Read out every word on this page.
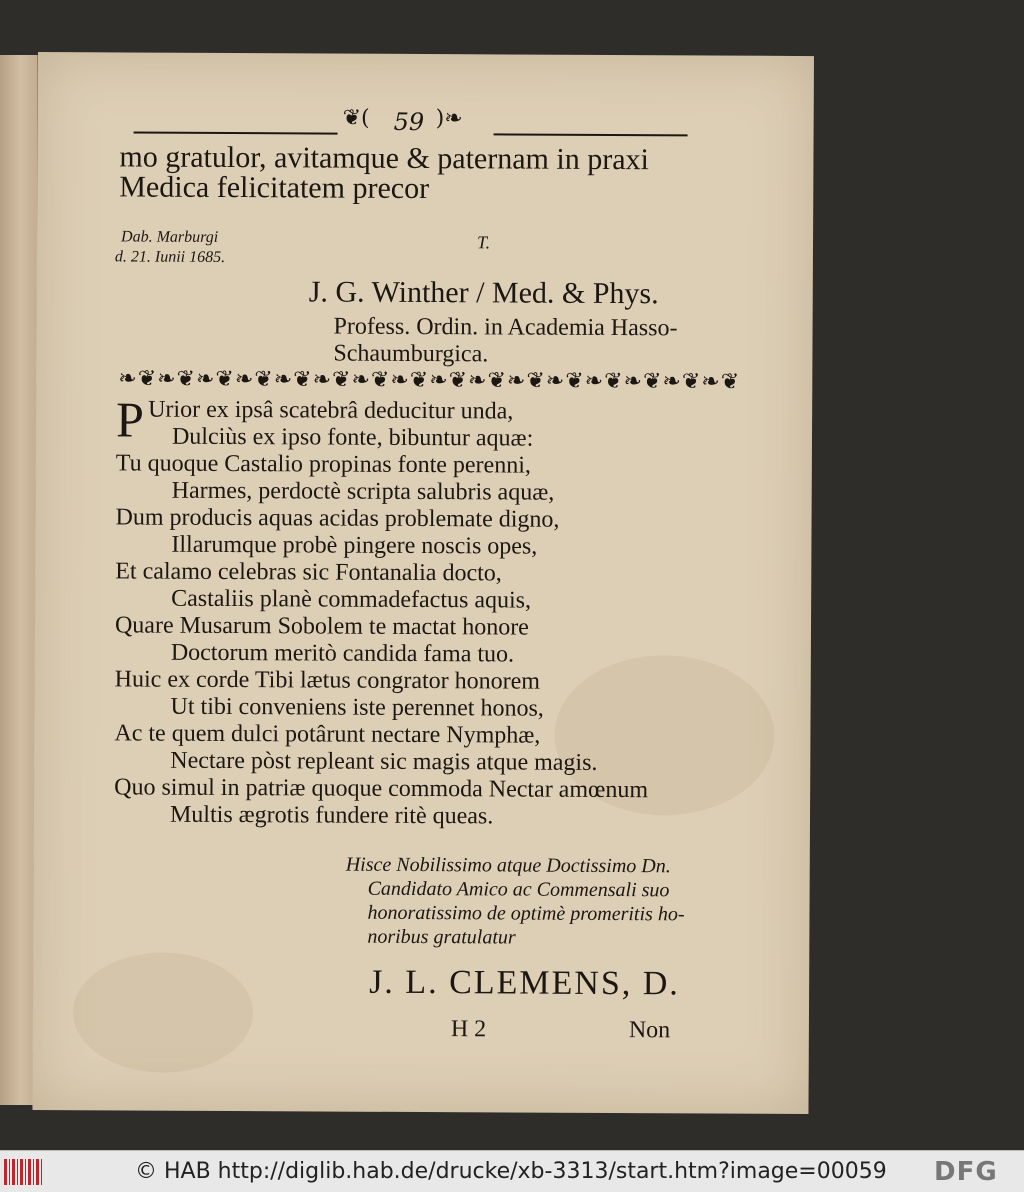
❦( 59 )❧

mo gratulor, avitamque & paternam in praxi

Medica felicitatem precor

Dab. Marburgi

d. 21. Iunii 1685.

T.

J. G. Winther / Med. & Phys.

Profess. Ordin. in Academia Hasso-

Schaumburgica.

❧❦❧❦❧❦❧❦❧❦❧❦❧❦❧❦❧❦❧❦❧❦❧❦❧❦❧❦❧❦❧❦

P Urior ex ipsâ scatebrâ deducitur unda,

Dulciùs ex ipso fonte, bibuntur aquæ:

Tu quoque Castalio propinas fonte perenni,

Harmes, perdoctè scripta salubris aquæ,

Dum producis aquas acidas problemate digno,

Illarumque probè pingere noscis opes,

Et calamo celebras sic Fontanalia docto,

Castaliis planè commadefactus aquis,

Quare Musarum Sobolem te mactat honore

Doctorum meritò candida fama tuo.

Huic ex corde Tibi lætus congrator honorem

Ut tibi conveniens iste perennet honos,

Ac te quem dulci potârunt nectare Nymphæ,

Nectare pòst repleant sic magis atque magis.

Quo simul in patriæ quoque commoda Nectar amœnum

Multis ægrotis fundere ritè queas.

Hisce Nobilissimo atque Doctissimo Dn.

Candidato Amico ac Commensali suo

honoratissimo de optimè promeritis ho-

noribus gratulatur

J. L. CLEMENS, D.

H 2	Non

© HAB http://diglib.hab.de/drucke/xb-3313/start.htm?image=00059 DFG
